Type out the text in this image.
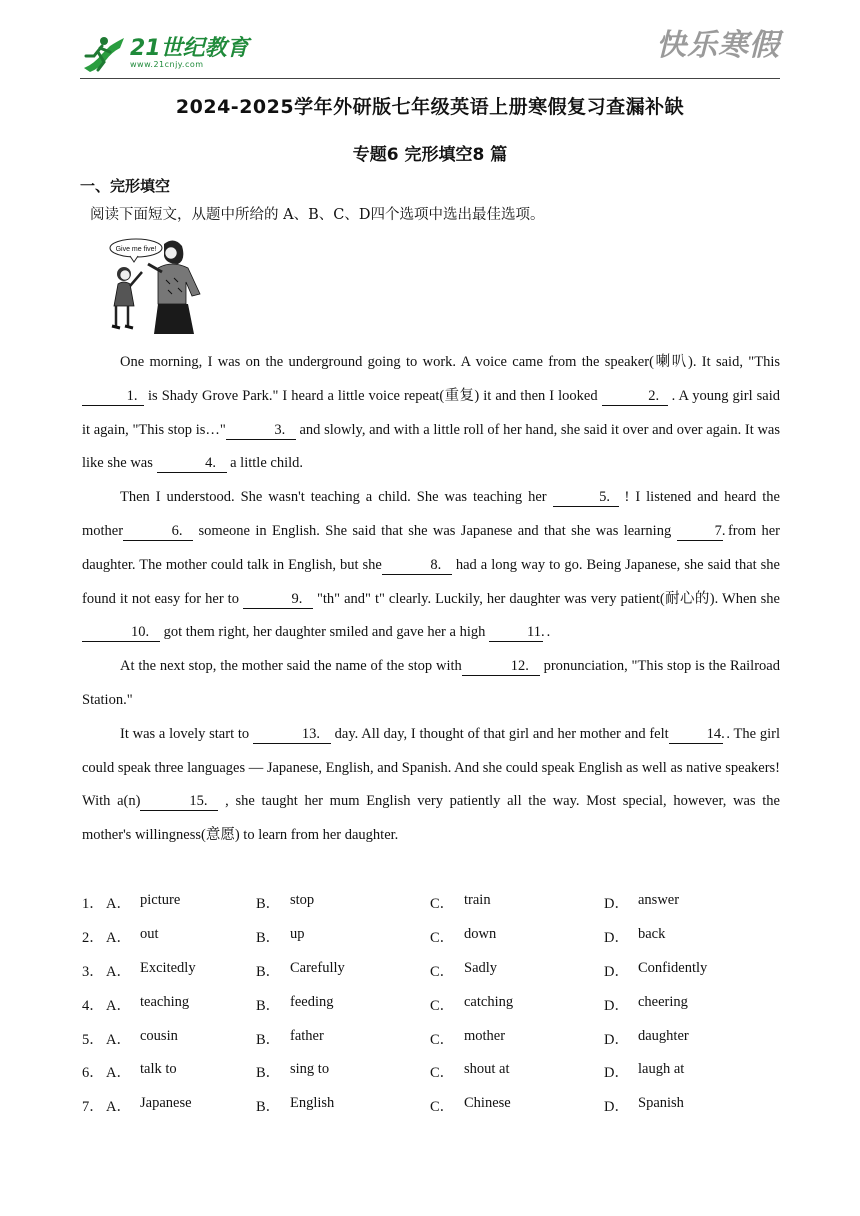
21世纪教育
www.21cnjy.com
快乐寒假
2024-2025学年外研版七年级英语上册寒假复习查漏补缺
专题6 完形填空8 篇
一、完形填空
阅读下面短文，从题中所给的 A、B、C、D四个选项中选出最佳选项。
Give me five!

One morning, I was on the underground going to work. A voice came from the speaker(喇叭). It said, "This1. is Shady Grove Park." I heard a little voice repeat(重复) it and then I looked	2. . A young girl said it again, "This stop is…"	3. and slowly, and with a little roll of her hand, she said it over and over again. It was like she was	4. a little child.

Then I understood. She wasn't teaching a child. She was teaching her	5. ! I listened and heard the mother	6. someone in English. She said that she was Japanese and that she was learning	7. from her daughter. The mother could talk in English, but she	8. had a long way to go. Being Japanese, she said that she found it not easy for her to	9. "th" and" t" clearly. Luckily, her daughter was very patient(耐心的). When she 10. got them right, her daughter smiled and gave her a high	11. .

At the next stop, the mother said the name of the stop with	12. pronunciation, "This stop is the Railroad Station."

It was a lovely start to	13. day. All day, I thought of that girl and her mother and felt	14. . The girl could speak three languages — Japanese, English, and Spanish. And she could speak English as well as native speakers! With a(n)	15. , she taught her mum English very patiently all the way. Most special, however, was the mother's willingness(意愿) to learn from her daughter.

1． A． picture	B． stop	C． train	D． answer
2． A． out	B． up	C． down	D． back
3． A． Excitedly	B． Carefully	C． Sadly	D． Confidently
4． A． teaching	B． feeding	C． catching	D． cheering
5． A． cousin	B． father	C． mother	D． daughter
6． A． talk to	B． sing to	C． shout at	D． laugh at
7． A． Japanese	B． English	C． Chinese	D． Spanish
